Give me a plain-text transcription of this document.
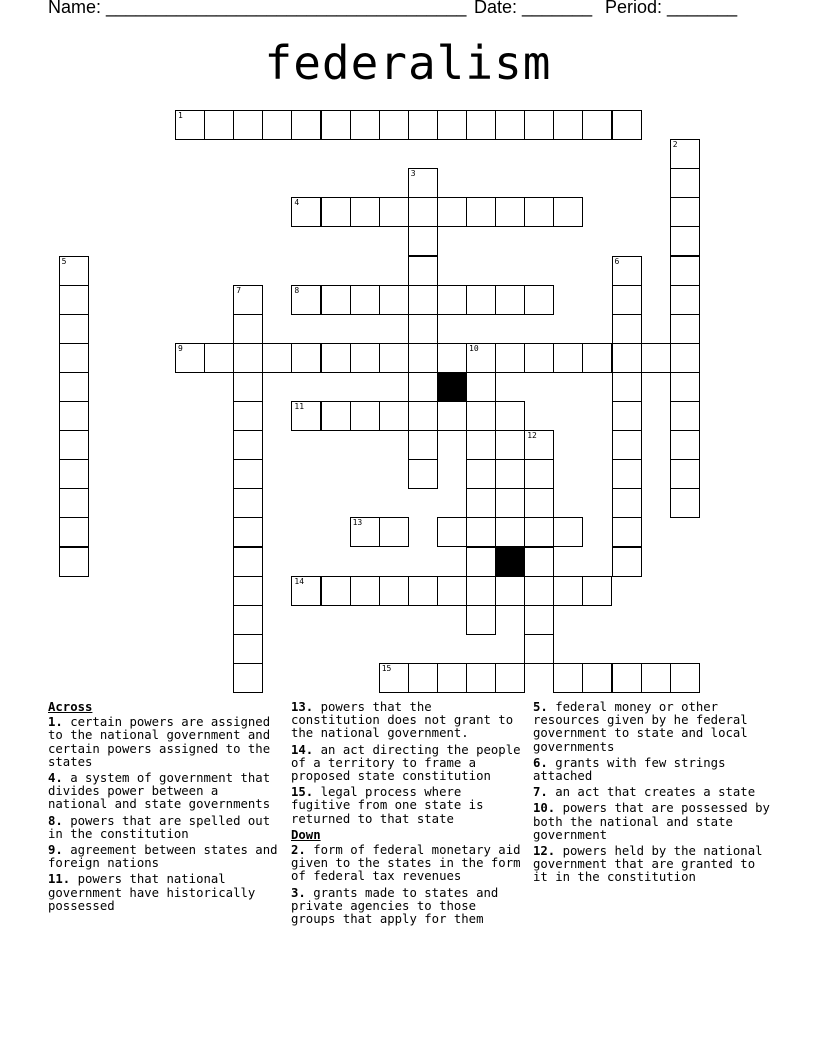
Name: ____________________________________ Date: _______ Period: _______
federalism
1
2
3
4
5	6
7	8
9	10
11
12
13
14
15
Across
1. certain powers are assigned to the national government and certain powers assigned to the states
4. a system of government that divides power between a national and state governments
8. powers that are spelled out in the constitution
9. agreement between states and foreign nations
11. powers that national government have historically possessed
13. powers that the constitution does not grant to the national government.
14. an act directing the people of a territory to frame a proposed state constitution
15. legal process where fugitive from one state is returned to that state
Down
2. form of federal monetary aid given to the states in the form of federal tax revenues
3. grants made to states and private agencies to those groups that apply for them
5. federal money or other resources given by he federal government to state and local governments
6. grants with few strings attached
7. an act that creates a state
10. powers that are possessed by both the national and state government
12. powers held by the national government that are granted to it in the constitution
